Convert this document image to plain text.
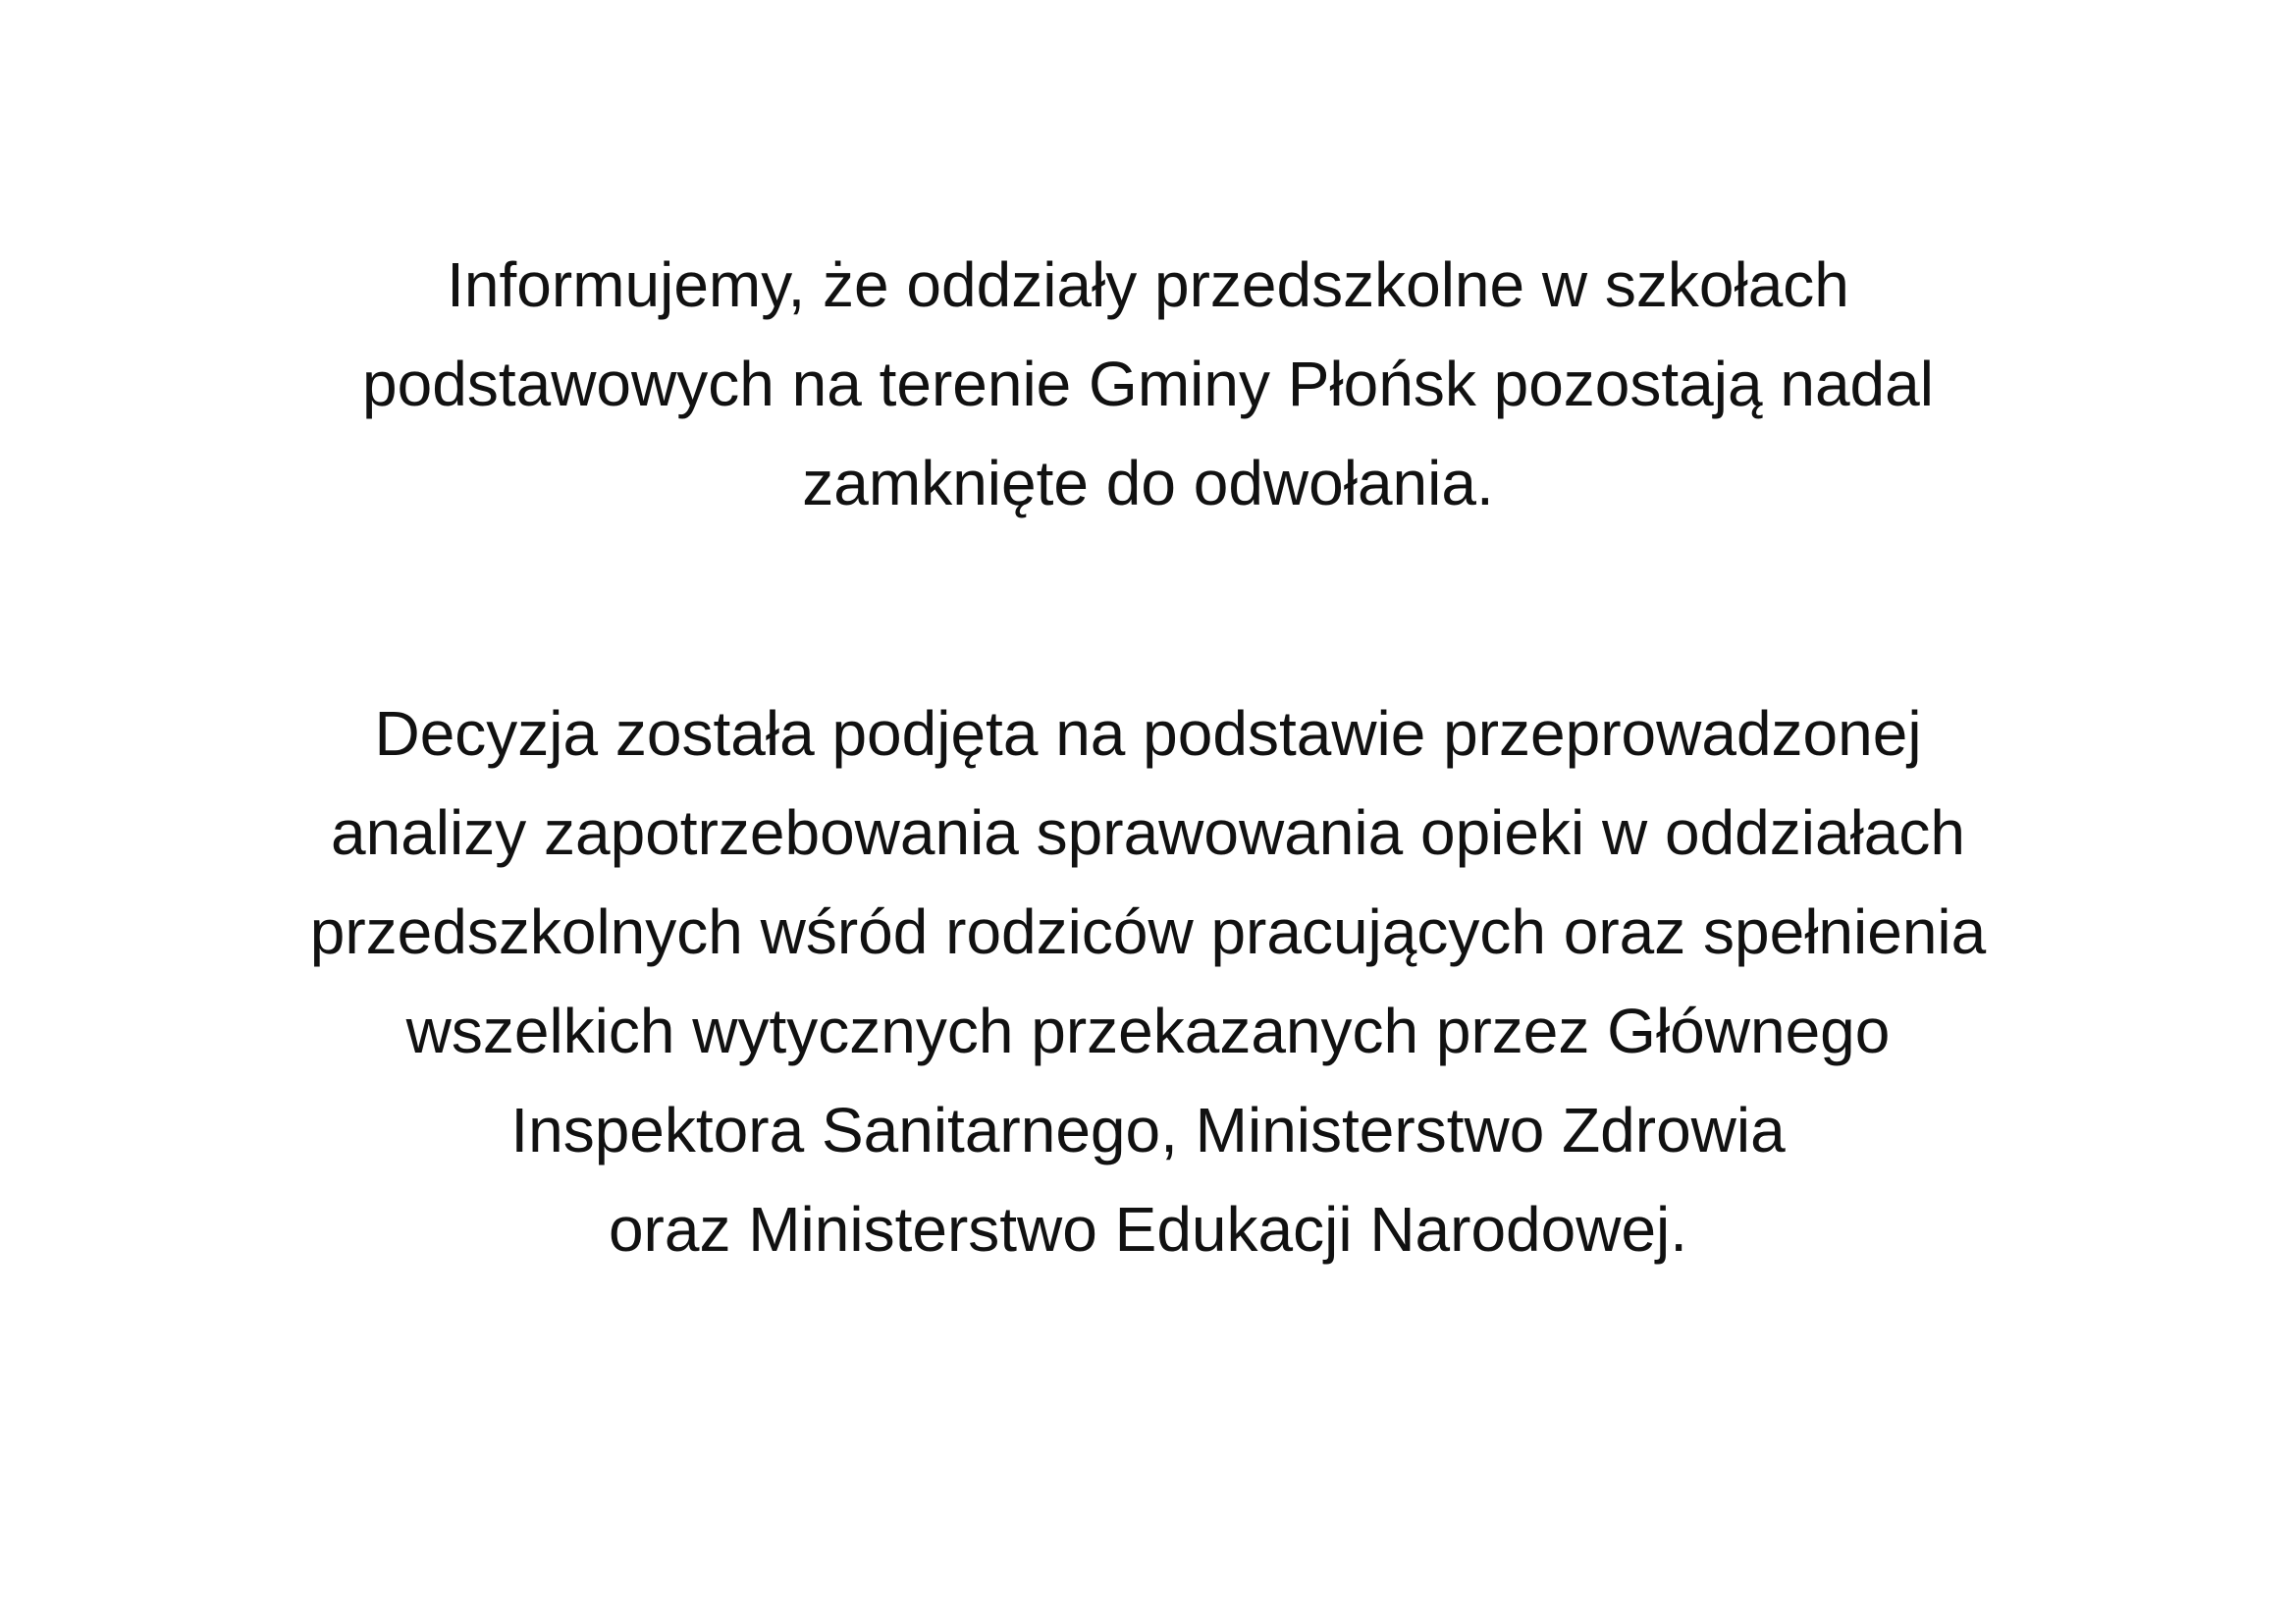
Informujemy, że oddziały przedszkolne w szkołach
podstawowych na terenie Gminy Płońsk pozostają nadal
zamknięte do odwołania.
Decyzja została podjęta na podstawie przeprowadzonej
analizy zapotrzebowania sprawowania opieki w oddziałach
przedszkolnych wśród rodziców pracujących oraz spełnienia
wszelkich wytycznych przekazanych przez Głównego
Inspektora Sanitarnego, Ministerstwo Zdrowia
oraz Ministerstwo Edukacji Narodowej.
